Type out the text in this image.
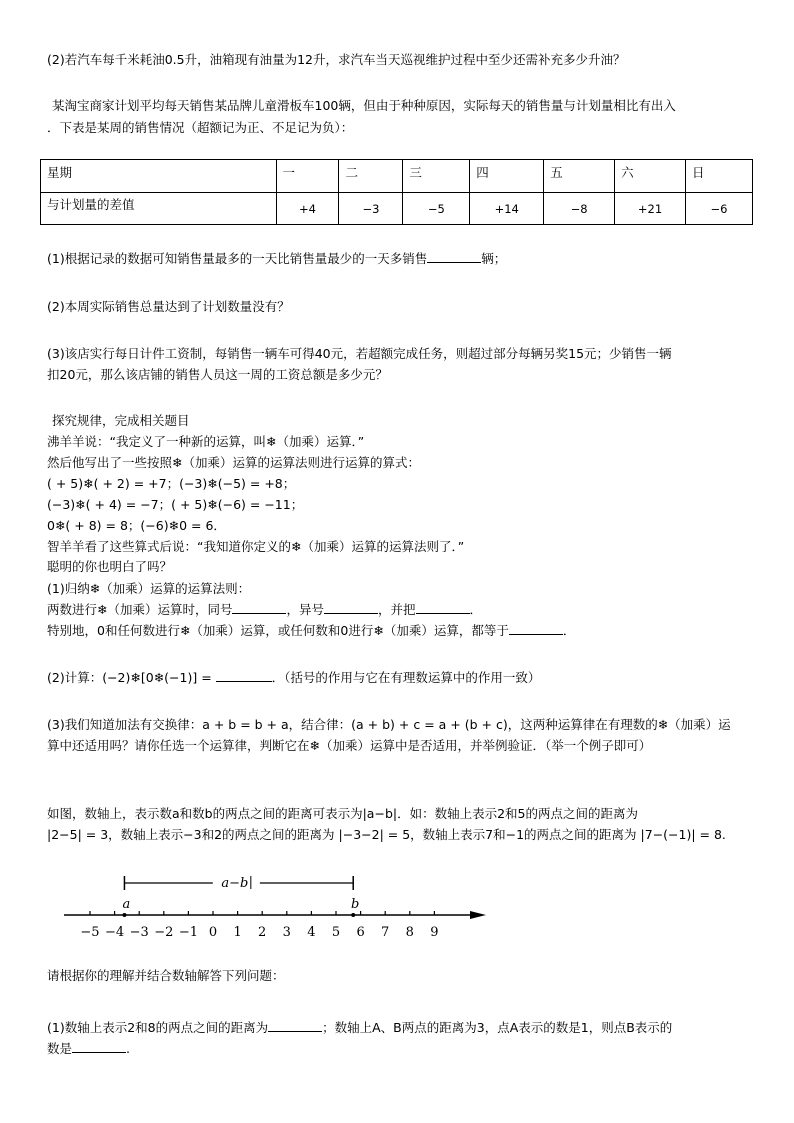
(2)若汽车每千米耗油0.5升，油箱现有油量为12升，求汽车当天巡视维护过程中至少还需补充多少升油？
某淘宝商家计划平均每天销售某品牌儿童滑板车100辆，但由于种种原因，实际每天的销售量与计划量相比有出入
．下表是某周的销售情况（超额记为正、不足记为负）：
星期	一	二	三	四	五	六	日
与计划量的差值	+4	−3	−5	+14	−8	+21	−6
(1)根据记录的数据可知销售量最多的一天比销售量最少的一天多销售	辆；
(2)本周实际销售总量达到了计划数量没有？
(3)该店实行每日计件工资制，每销售一辆车可得40元，若超额完成任务，则超过部分每辆另奖15元；少销售一辆
扣20元，那么该店铺的销售人员这一周的工资总额是多少元？
探究规律，完成相关题目
沸羊羊说：“我定义了一种新的运算，叫❄（加乘）运算．”
然后他写出了一些按照❄（加乘）运算的运算法则进行运算的算式：
( + 5)❄( + 2) = +7；(−3)❄(−5) = +8；
(−3)❄( + 4) = −7；( + 5)❄(−6) = −11；
0❄( + 8) = 8；(−6)❄0 = 6．
智羊羊看了这些算式后说：“我知道你定义的❄（加乘）运算的运算法则了．”
聪明的你也明白了吗？
(1)归纳❄（加乘）运算的运算法则：
两数进行❄（加乘）运算时，同号	，异号	，并把	．
特别地，0和任何数进行❄（加乘）运算，或任何数和0进行❄（加乘）运算，都等于	．
(2)计算：(−2)❄[0❄(−1)] =	．（括号的作用与它在有理数运算中的作用一致）
(3)我们知道加法有交换律：a + b = b + a，结合律：(a + b) + c = a + (b + c)，这两种运算律在有理数的❄（加乘）运
算中还适用吗？请你任选一个运算律，判断它在❄（加乘）运算中是否适用，并举例验证．（举一个例子即可）
如图，数轴上，表示数a和数b的两点之间的距离可表示为|a−b|．如：数轴上表示2和5的两点之间的距离为
|2−5| = 3，数轴上表示−3和2的两点之间的距离为 |−3−2| = 5，数轴上表示7和−1的两点之间的距离为 |7−(−1)| = 8.
a−b
−5 −4 −3 −2 −1 0 1 2 3 4 5 6 7 8 9
a	b
请根据你的理解并结合数轴解答下列问题：
(1)数轴上表示2和8的两点之间的距离为	；数轴上A、B两点的距离为3，点A表示的数是1，则点B表示的
数是	.
